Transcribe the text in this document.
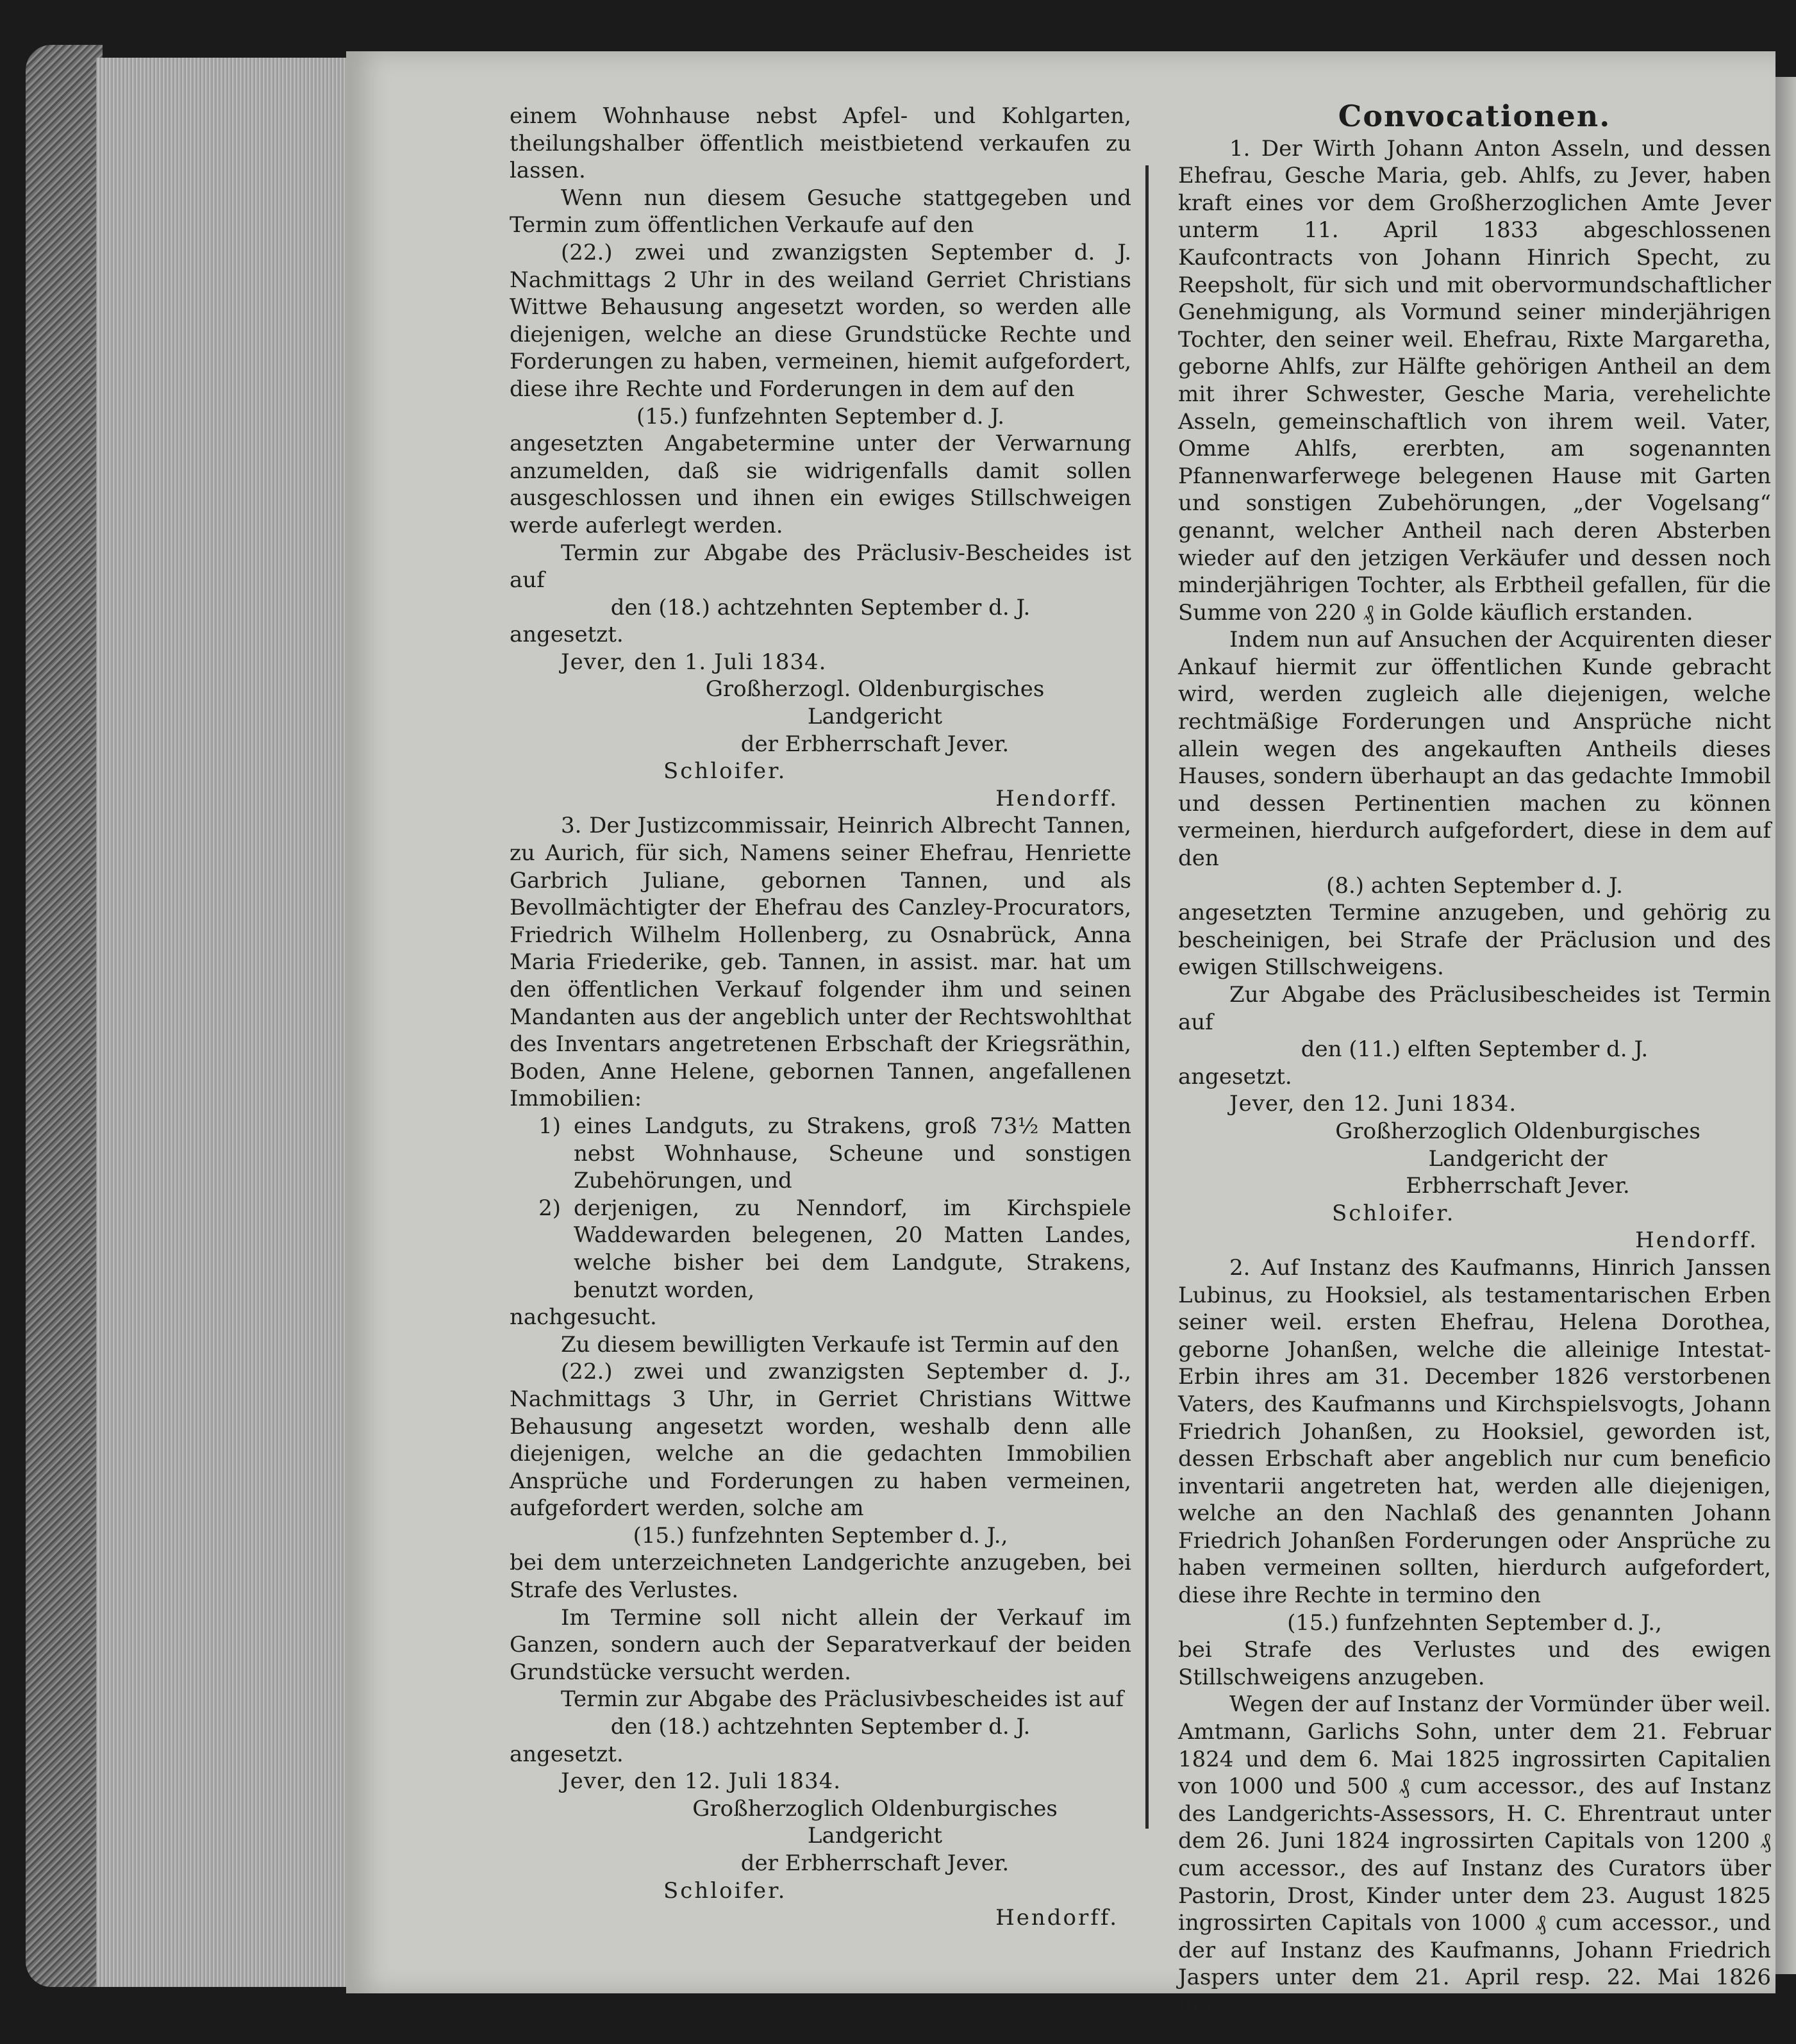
einem Wohnhause nebst Apfel- und Kohlgarten, theilungshalber öffentlich meistbietend verkaufen zu lassen.

Wenn nun diesem Gesuche stattgegeben und Termin zum öffentlichen Verkaufe auf den

(22.) zwei und zwanzigsten September d. J. Nachmittags 2 Uhr in des weiland Gerriet Christians Wittwe Behausung angesetzt worden, so werden alle diejenigen, welche an diese Grundstücke Rechte und Forderungen zu haben, vermeinen, hiemit aufgefordert, diese ihre Rechte und Forderungen in dem auf den

(15.) funfzehnten September d. J.

angesetzten Angabetermine unter der Verwarnung anzumelden, daß sie widrigenfalls damit sollen ausgeschlossen und ihnen ein ewiges Stillschweigen werde auferlegt werden.

Termin zur Abgabe des Präclusiv-Bescheides ist auf

den (18.) achtzehnten September d. J.

angesetzt.

Jever, den 1. Juli 1834.

Großherzogl. Oldenburgisches Landgericht

der Erbherrschaft Jever.

Schloifer.

Hendorff.

3. Der Justizcommissair, Heinrich Albrecht Tannen, zu Aurich, für sich, Namens seiner Ehefrau, Henriette Garbrich Juliane, gebornen Tannen, und als Bevollmächtigter der Ehefrau des Canzley-Procurators, Friedrich Wilhelm Hollenberg, zu Osnabrück, Anna Maria Friederike, geb. Tannen, in assist. mar. hat um den öffentlichen Verkauf folgender ihm und seinen Mandanten aus der angeblich unter der Rechtswohlthat des Inventars angetretenen Erbschaft der Kriegsräthin, Boden, Anne Helene, gebornen Tannen, angefallenen Immobilien:

1) eines Landguts, zu Strakens, groß 73½ Matten nebst Wohnhause, Scheune und sonstigen Zubehörungen, und
2) derjenigen, zu Nenndorf, im Kirchspiele Waddewarden belegenen, 20 Matten Landes, welche bisher bei dem Landgute, Strakens, benutzt worden,

nachgesucht.

Zu diesem bewilligten Verkaufe ist Termin auf den

(22.) zwei und zwanzigsten September d. J., Nachmittags 3 Uhr, in Gerriet Christians Wittwe Behausung angesetzt worden, weshalb denn alle diejenigen, welche an die gedachten Immobilien Ansprüche und Forderungen zu haben vermeinen, aufgefordert werden, solche am

(15.) funfzehnten September d. J.,

bei dem unterzeichneten Landgerichte anzugeben, bei Strafe des Verlustes.

Im Termine soll nicht allein der Verkauf im Ganzen, sondern auch der Separatverkauf der beiden Grundstücke versucht werden.

Termin zur Abgabe des Präclusivbescheides ist auf

den (18.) achtzehnten September d. J.

angesetzt.

Jever, den 12. Juli 1834.

Großherzoglich Oldenburgisches Landgericht

der Erbherrschaft Jever.

Schloifer.

Hendorff.

Convocationen.

1. Der Wirth Johann Anton Asseln, und dessen Ehefrau, Gesche Maria, geb. Ahlfs, zu Jever, haben kraft eines vor dem Großherzoglichen Amte Jever unterm 11. April 1833 abgeschlossenen Kaufcontracts von Johann Hinrich Specht, zu Reepsholt, für sich und mit obervormundschaftlicher Genehmigung, als Vormund seiner minderjährigen Tochter, den seiner weil. Ehefrau, Rixte Margaretha, geborne Ahlfs, zur Hälfte gehörigen Antheil an dem mit ihrer Schwester, Gesche Maria, verehelichte Asseln, gemeinschaftlich von ihrem weil. Vater, Omme Ahlfs, ererbten, am sogenannten Pfannenwarferwege belegenen Hause mit Garten und sonstigen Zubehörungen, „der Vogelsang“ genannt, welcher Antheil nach deren Absterben wieder auf den jetzigen Verkäufer und dessen noch minderjährigen Tochter, als Erbtheil gefallen, für die Summe von 220 ₰ in Golde käuflich erstanden.

Indem nun auf Ansuchen der Acquirenten dieser Ankauf hiermit zur öffentlichen Kunde gebracht wird, werden zugleich alle diejenigen, welche rechtmäßige Forderungen und Ansprüche nicht allein wegen des angekauften Antheils dieses Hauses, sondern überhaupt an das gedachte Immobil und dessen Pertinentien machen zu können vermeinen, hierdurch aufgefordert, diese in dem auf den

(8.) achten September d. J.

angesetzten Termine anzugeben, und gehörig zu bescheinigen, bei Strafe der Präclusion und des ewigen Stillschweigens.

Zur Abgabe des Präclusibescheides ist Termin auf

den (11.) elften September d. J.

angesetzt.

Jever, den 12. Juni 1834.

Großherzoglich Oldenburgisches Landgericht der

Erbherrschaft Jever.

Schloifer.

Hendorff.

2. Auf Instanz des Kaufmanns, Hinrich Janssen Lubinus, zu Hooksiel, als testamentarischen Erben seiner weil. ersten Ehefrau, Helena Dorothea, geborne Johanßen, welche die alleinige Intestat-Erbin ihres am 31. December 1826 verstorbenen Vaters, des Kaufmanns und Kirchspielsvogts, Johann Friedrich Johanßen, zu Hooksiel, geworden ist, dessen Erbschaft aber angeblich nur cum beneficio inventarii angetreten hat, werden alle diejenigen, welche an den Nachlaß des genannten Johann Friedrich Johanßen Forderungen oder Ansprüche zu haben vermeinen sollten, hierdurch aufgefordert, diese ihre Rechte in termino den

(15.) funfzehnten September d. J.,

bei Strafe des Verlustes und des ewigen Stillschweigens anzugeben.

Wegen der auf Instanz der Vormünder über weil. Amtmann, Garlichs Sohn, unter dem 21. Februar 1824 und dem 6. Mai 1825 ingrossirten Capitalien von 1000 und 500 ₰ cum accessor., des auf Instanz des Landgerichts-Assessors, H. C. Ehrentraut unter dem 26. Juni 1824 ingrossirten Capitals von 1200 ₰ cum accessor., des auf Instanz des Curators über Pastorin, Drost, Kinder unter dem 23. August 1825 ingrossirten Capitals von 1000 ₰ cum accessor., und der auf Instanz des Kaufmanns, Johann Friedrich Jaspers unter dem 21. April resp. 22. Mai 1826 ingros-
